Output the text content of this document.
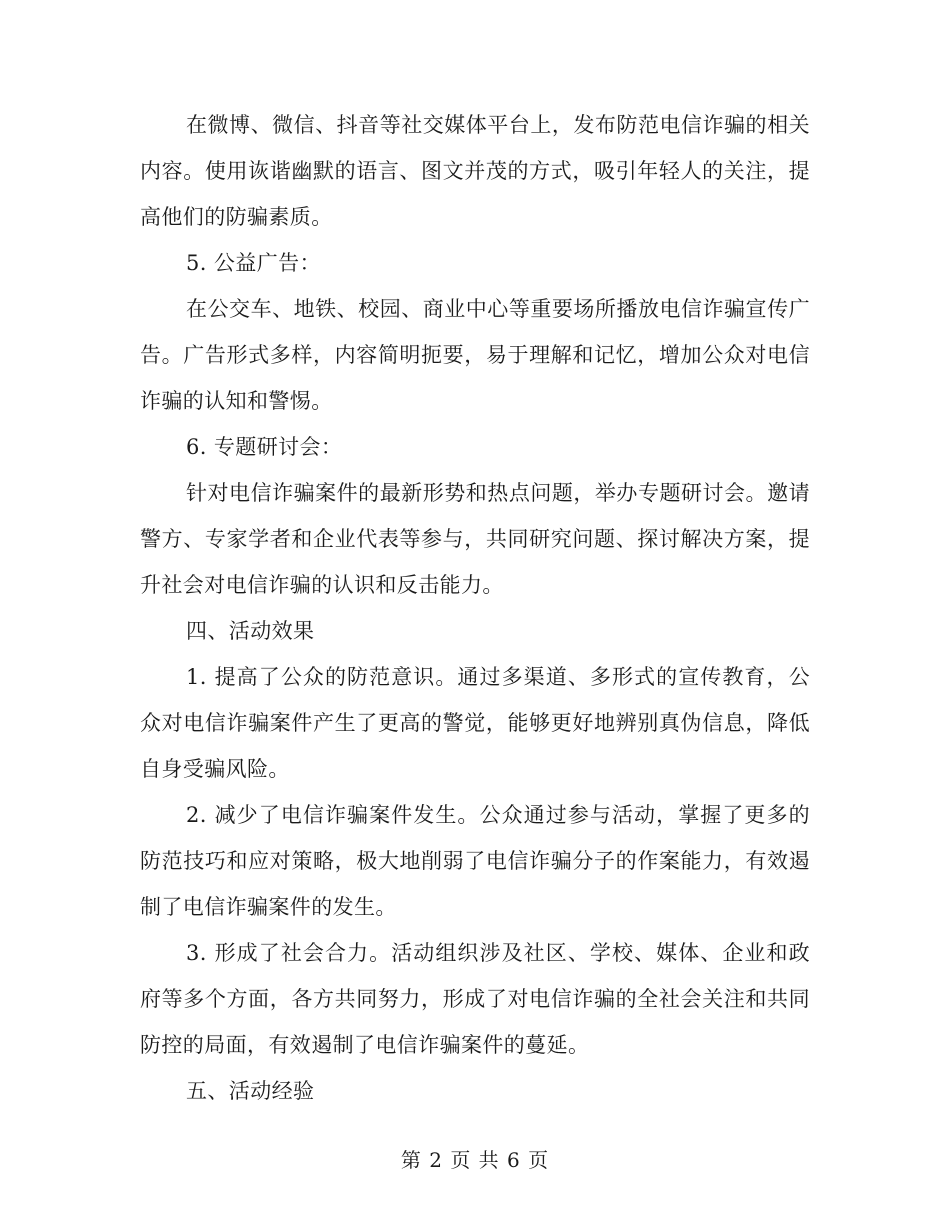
在微博、微信、抖音等社交媒体平台上，发布防范电信诈骗的相关内容。使用诙谐幽默的语言、图文并茂的方式，吸引年轻人的关注，提高他们的防骗素质。

5. 公益广告：

在公交车、地铁、校园、商业中心等重要场所播放电信诈骗宣传广告。广告形式多样，内容简明扼要，易于理解和记忆，增加公众对电信诈骗的认知和警惕。

6. 专题研讨会：

针对电信诈骗案件的最新形势和热点问题，举办专题研讨会。邀请警方、专家学者和企业代表等参与，共同研究问题、探讨解决方案，提升社会对电信诈骗的认识和反击能力。

四、活动效果

1. 提高了公众的防范意识。通过多渠道、多形式的宣传教育，公众对电信诈骗案件产生了更高的警觉，能够更好地辨别真伪信息，降低自身受骗风险。

2. 减少了电信诈骗案件发生。公众通过参与活动，掌握了更多的防范技巧和应对策略，极大地削弱了电信诈骗分子的作案能力，有效遏制了电信诈骗案件的发生。

3. 形成了社会合力。活动组织涉及社区、学校、媒体、企业和政府等多个方面，各方共同努力，形成了对电信诈骗的全社会关注和共同防控的局面，有效遏制了电信诈骗案件的蔓延。

五、活动经验

第 2 页 共 6 页
